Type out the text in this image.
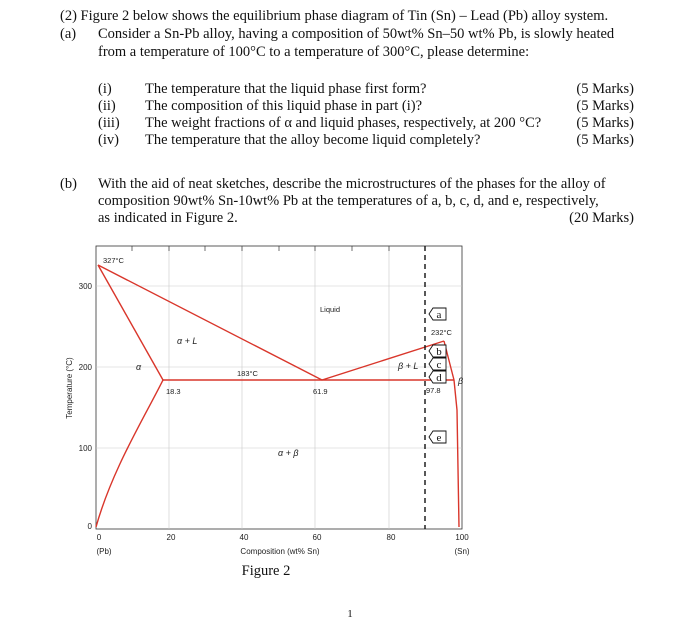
(2) Figure 2 below shows the equilibrium phase diagram of Tin (Sn) – Lead (Pb) alloy system.
(a) Consider a Sn-Pb alloy, having a composition of 50wt% Sn–50 wt% Pb, is slowly heated
from a temperature of 100°C to a temperature of 300°C, please determine:
(i) The temperature that the liquid phase first form?	(5 Marks)
(ii) The composition of this liquid phase in part (i)?	(5 Marks)
(iii) The weight fractions of α and liquid phases, respectively, at 200 °C? (5 Marks)
(iv) The temperature that the alloy become liquid completely?	(5 Marks)
(b) With the aid of neat sketches, describe the microstructures of the phases for the alloy of
composition 90wt% Sn-10wt% Pb at the temperatures of a, b, c, d, and e, respectively,
as indicated in Figure 2.	(20 Marks)
0
100
200
300
0	20	40	60	80	100
(Pb)	(Sn)
Composition (wt% Sn)
Temperature (°C)
327°C
232°C
183°C
18.3	61.9	97.8
Liquid
α + L
β + L
α + β
α
β
a
b
c
d
e
Figure 2
1
